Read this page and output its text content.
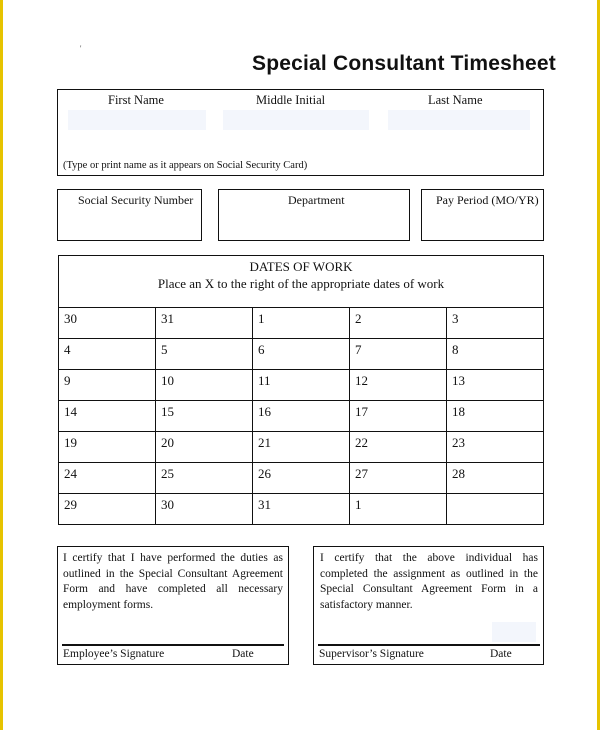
'
Special Consultant Timesheet
First Name	Middle Initial	Last Name
(Type or print name as it appears on Social Security Card)
Social Security Number	Department	Pay Period (MO/YR)
DATES OF WORK
Place an X to the right of the appropriate dates of work
30	31	1	2	3
4	5	6	7	8
9	10	11	12	13
14	15	16	17	18
19	20	21	22	23
24	25	26	27	28
29	30	31	1	
I certify that I have performed the duties as outlined in the Special Consultant Agreement Form and have completed all necessary employment forms.
Employee’s Signature	Date
I certify that the above individual has completed the assignment as outlined in the Special Consultant Agreement Form in a satisfactory manner.
Supervisor’s Signature	Date
